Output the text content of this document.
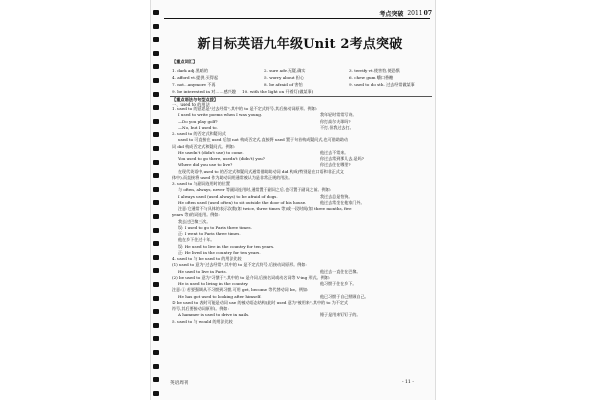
考点突破 2011 07
新目标英语九年级Unit 2考点突破
【重点词汇】
1. dark adj.黑暗的	2. sure adv.无疑,确实	3. terrify vt.使害怕,使恐惧
4. afford vt.提供,买得起	5. worry about 担心	6. chew gum 嚼口香糖
7. not...anymore 不再	8. be afraid of 害怕	9. used to do sth. 过去经常做某事
9. be interested in 对……感兴趣	10. with the light on 开着灯(做某事)
【重点语法与句型点拨】
一、used to 的用法

1. used to 的意思是"过去经常",其中的 to 是不定式符号,其后接动词原形。例如:

I used to write poems when I was young.	我年轻时常常写诗。

—Do you play golf?	你打高尔夫球吗?

—No, but I used to.	不打,但我过去打。

2. used to 的否定式和疑问式

used to 可直接在 used 后加 not 构成否定式,直接将 used 置于句首构成疑问式,也可借助助动

词 did 构成否定式和疑问式。例如:

He usedn't (didn't use) to come.	他过去不常来。

You used to go there, usedn't (didn't) you?	你过去常到那儿去,是吗?

Where did you use to live?	你过去住在哪里?

在现代英语中,used to 的否定式和疑问式通常借助助动词 did 构成(特别是在口语和非正式文

体中),而直接将 used 作为助动词用通常被认为是非常正规的用法。

3. used to 与副词连用时的位置

与 often, always, never 等副词连用时,通常置于副词之后,也可置于副词之前。例如:

I always used (used always) to be afraid of dogs.	我过去总是怕狗。

He often used (used often) to sit outside the door of his house.	他过去常坐在他家门外。

注意:它通常不与具体的表示次数(如 twice, three times 等)或一段时间(如 three months, five

years 等)的词连用。例如:

我去过巴黎三次。

误: I used to go to Paris three times.

正: I went to Paris three times.

他在乡下住过十年。

误: He used to live in the country for ten years.

正: He lived in the country for ten years.

4. used to 与 be used to 的用法比较

(1) used to 意为"过去经常",其中的 to 是不定式符号,后接动词原形。例如:

He used to live in Paris.	他过去一直住在巴黎。

(2) be used to 意为"习惯于",其中的 to 是介词,后接名词或动名词等 V-ing 形式。例如:

He is used to living in the country.	他习惯于住在乡下。

注意:① 若要强调从不习惯到习惯,可用 get, become 等代替动词 be。例如:

He has got used to looking after himself.	他已习惯于自己照顾自己。

② be used to 表时可能是动词 use 的被动语态结构(此时 used 意为"被用来",其中的 to 为不定式

符号,其后要接动词原形)。例如:

A hammer is used to drive in nails.	锤子是用来钉钉子的。

5. used to 与 would 的用法比较

英语周刊	- 11 -
